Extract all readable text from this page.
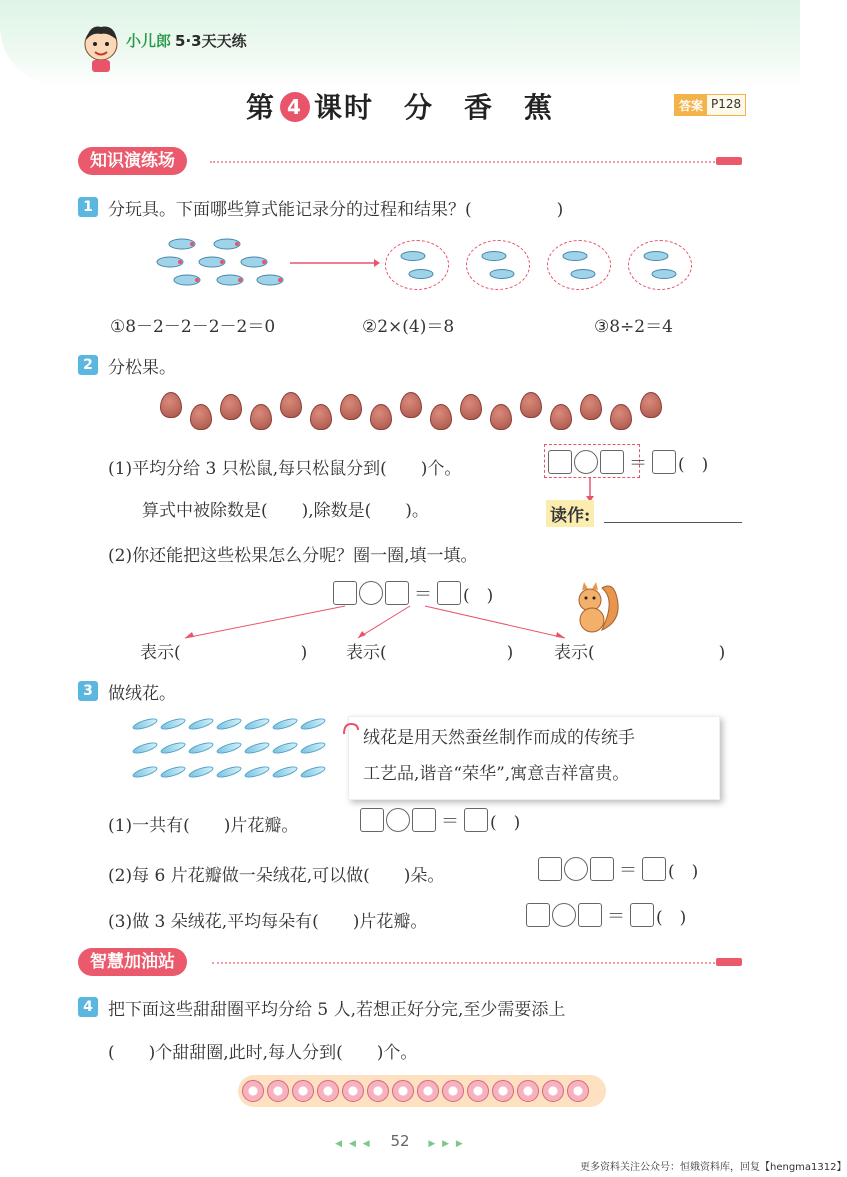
小儿郎 5·3天天练
第 4 课时　分　香　蕉	答案 P128
知识演练场
1 分玩具。下面哪些算式能记录分的过程和结果？(　　　　　)
①8－2－2－2－2＝0	②2×(4)＝8	③8÷2＝4
2 分松果。
(1)平均分给 3 只松鼠,每只松鼠分到(　　)个。	＝ (　)
算式中被除数是(　　),除数是(　　)。	读作:
(2)你还能把这些松果怎么分呢？圈一圈,填一填。
＝ (　)
表示(	) 表示(	) 表示(	)
3 做绒花。
绒花是用天然蚕丝制作而成的传统手
工艺品,谐音“荣华”,寓意吉祥富贵。
(1)一共有(　　)片花瓣。	＝ (　)
(2)每 6 片花瓣做一朵绒花,可以做(　　)朵。	＝ (　)
(3)做 3 朵绒花,平均每朵有(　　)片花瓣。	＝ (　)
智慧加油站
4 把下面这些甜甜圈平均分给 5 人,若想正好分完,至少需要添上
(　　)个甜甜圈,此时,每人分到(　　)个。
◀ ◀ ◀ 52 ▶ ▶ ▶
更多资料关注公众号：恒娥资料库，回复【hengma1312】
